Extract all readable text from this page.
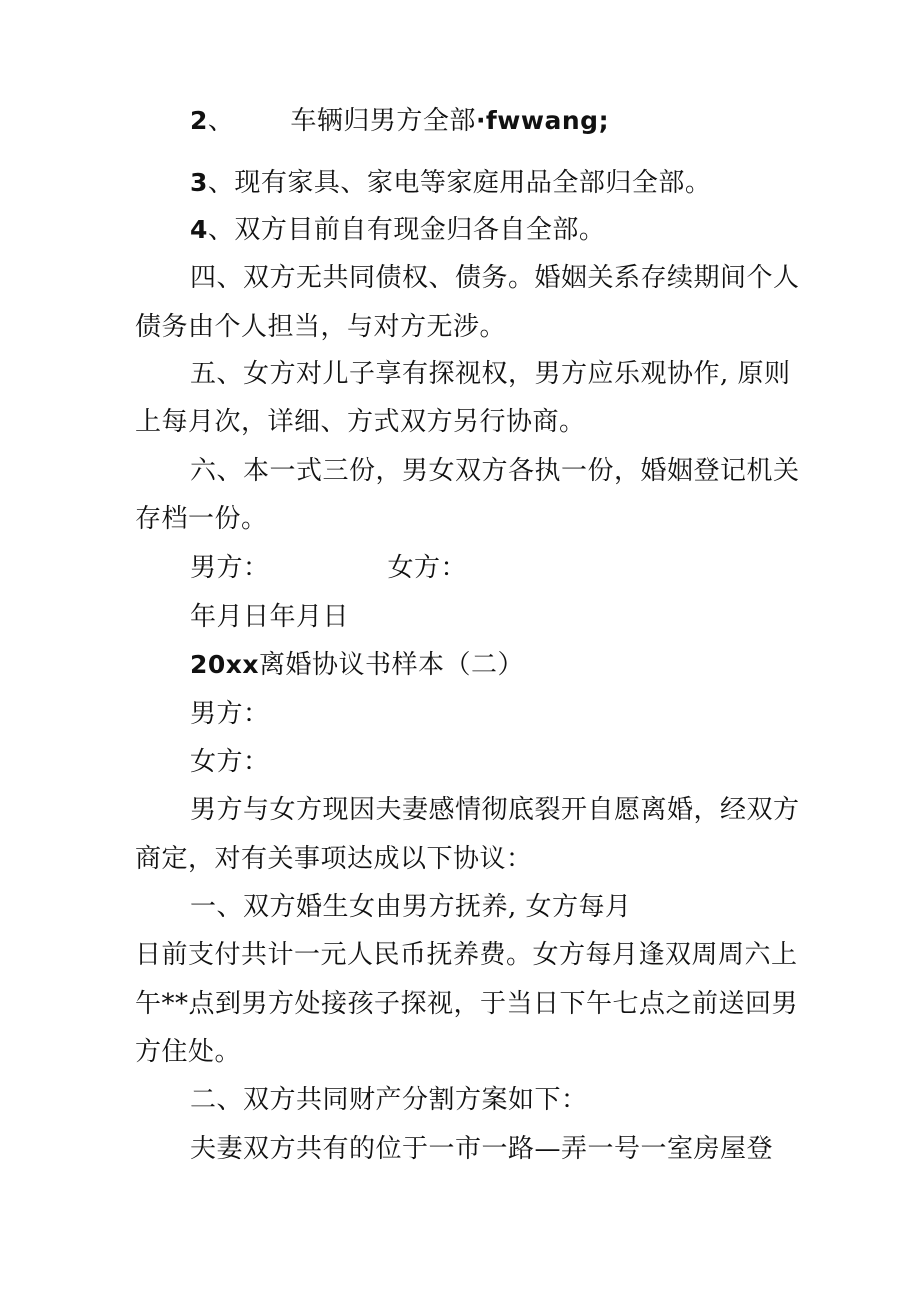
2、 车辆归男方全部·fwwang;
3、现有家具、家电等家庭用品全部归全部。
4、双方目前自有现金归各自全部。
四、双方无共同债权、债务。婚姻关系存续期间个人
债务由个人担当，与对方无涉。
五、女方对儿子享有探视权，男方应乐观协作, 原则
上每月次，详细、方式双方另行协商。
六、本一式三份，男女双方各执一份，婚姻登记机关
存档一份。
男方：	女方：
年月日年月日
20xx离婚协议书样本（二）
男方：
女方：
男方与女方现因夫妻感情彻底裂开自愿离婚，经双方
商定，对有关事项达成以下协议：
一、双方婚生女由男方抚养, 女方每月
日前支付共计一元人民币抚养费。女方每月逢双周周六上
午**点到男方处接孩子探视，于当日下午七点之前送回男
方住处。
二、双方共同财产分割方案如下：
夫妻双方共有的位于一市一路—弄一号一室房屋登
